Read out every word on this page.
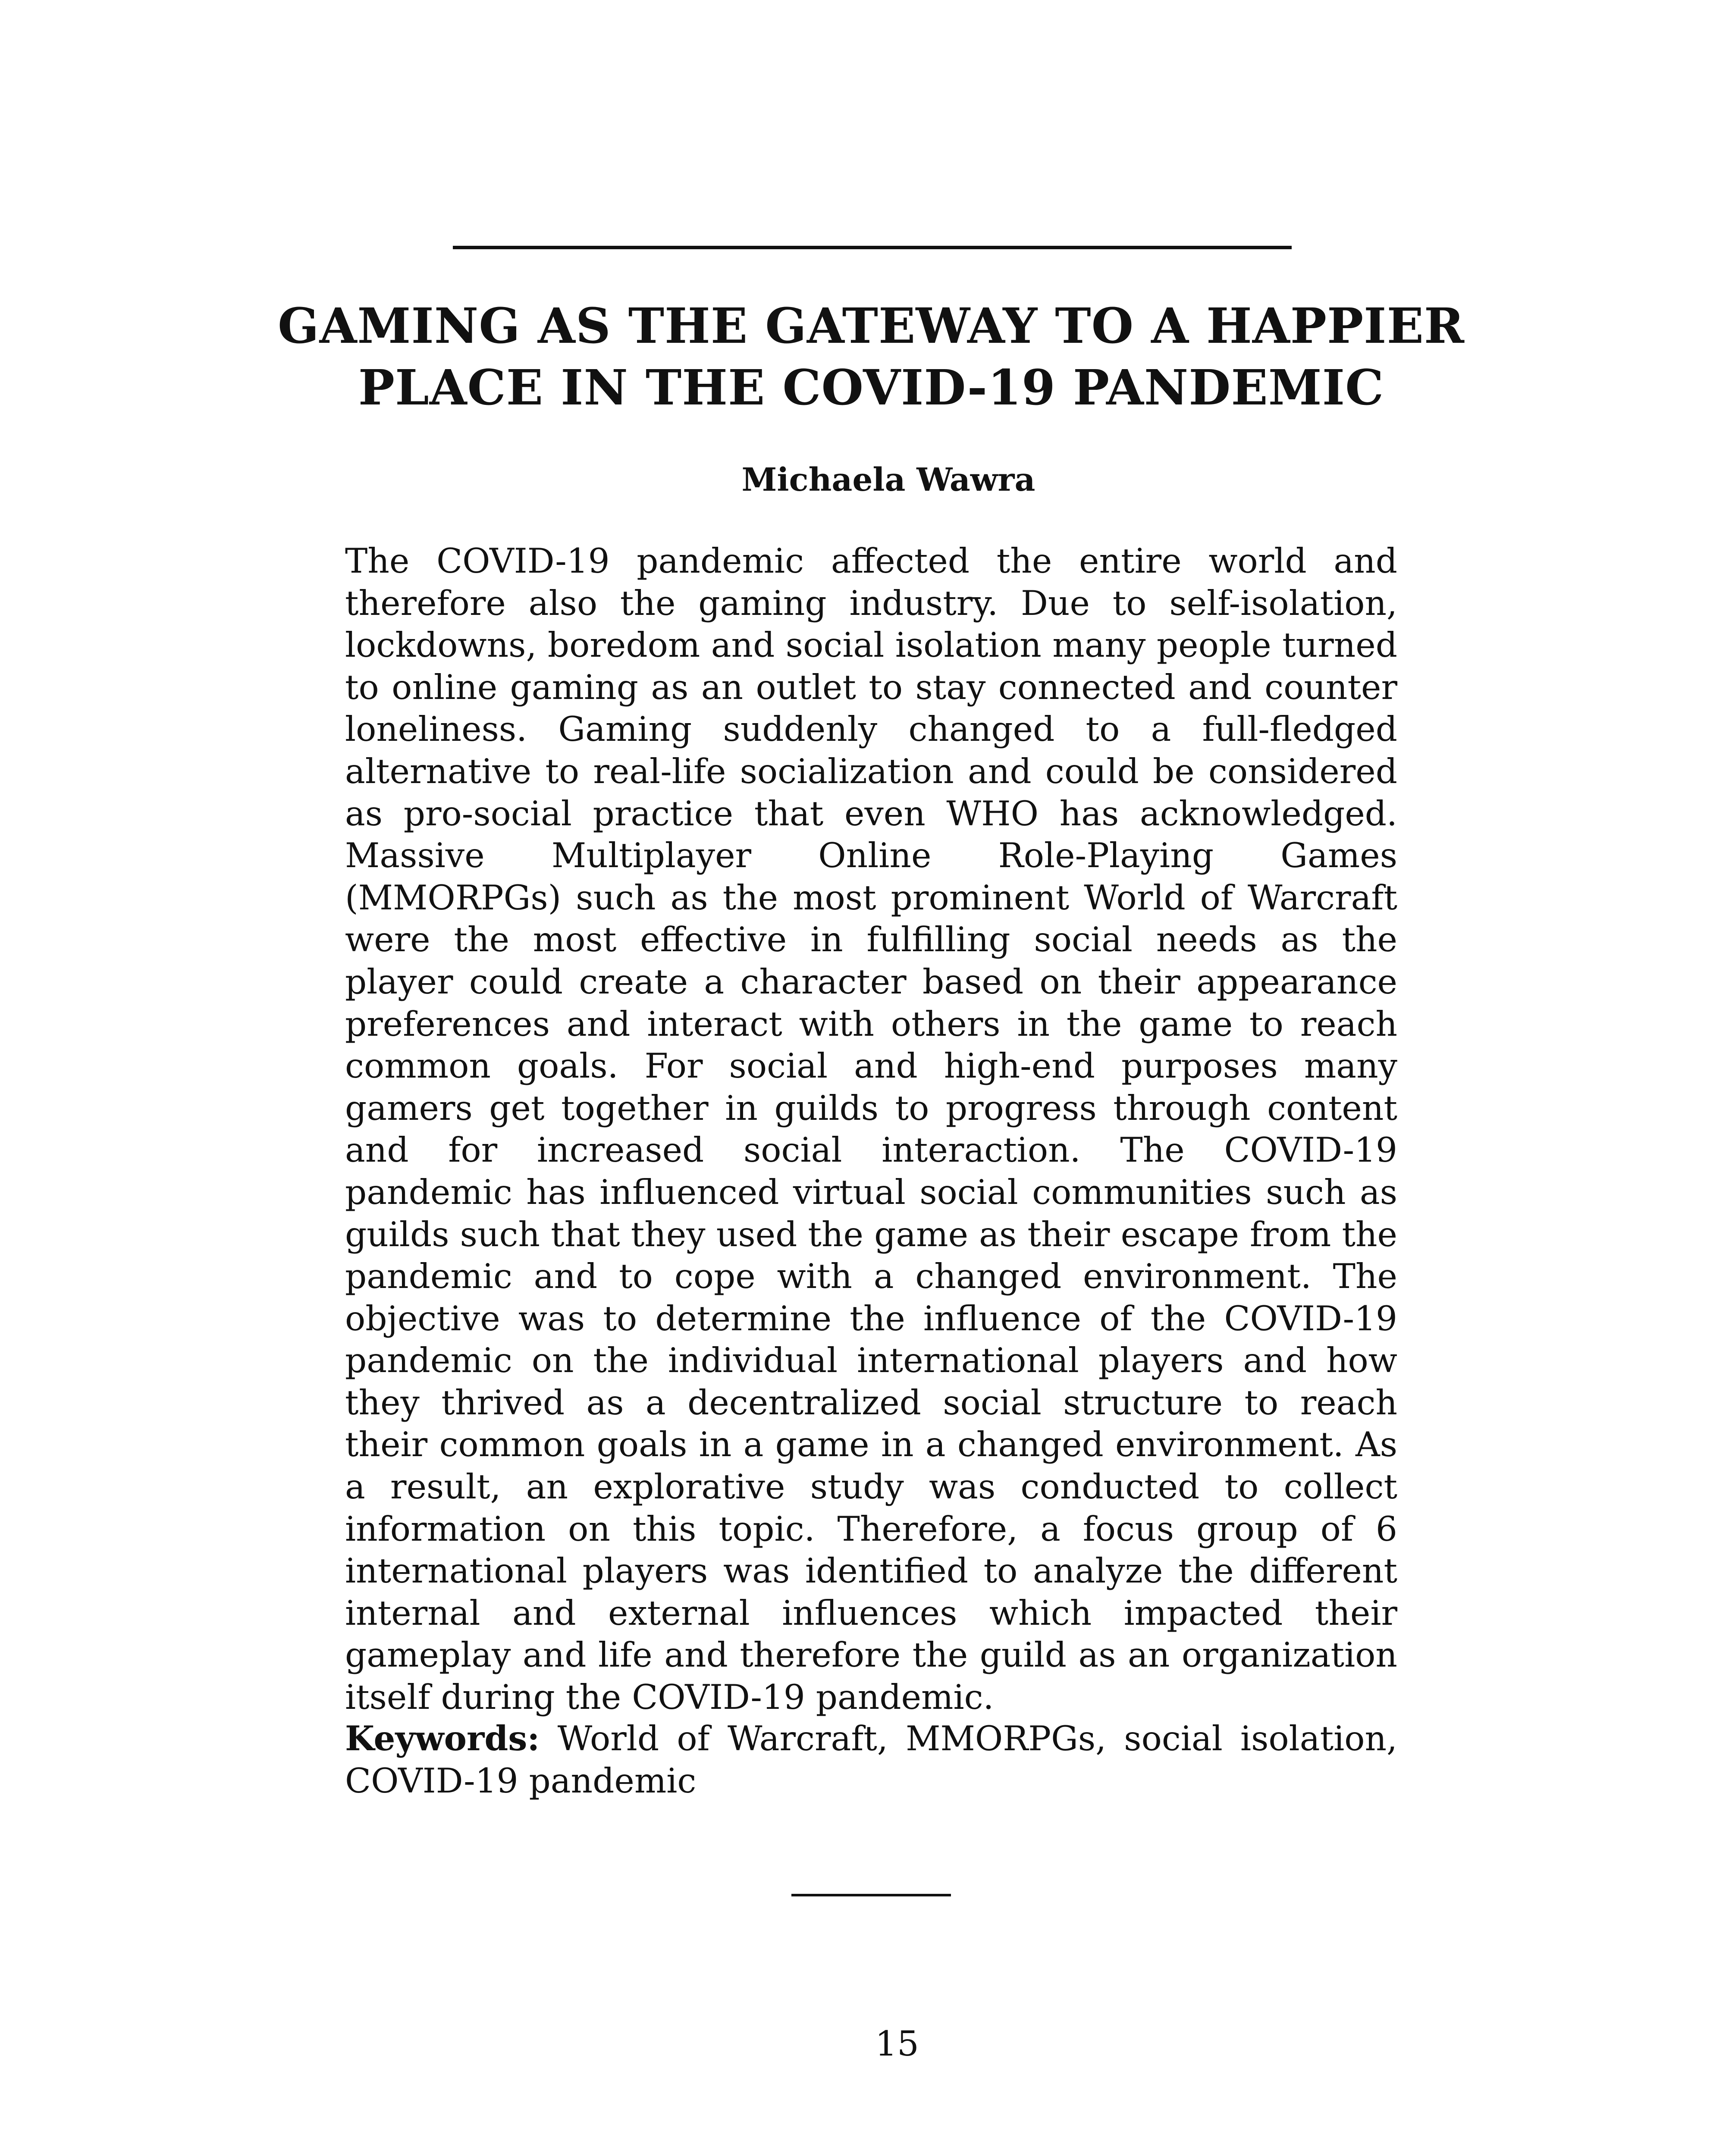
GAMING AS THE GATEWAY TO A HAPPIER
PLACE IN THE COVID-19 PANDEMIC
Michaela Wawra

The COVID-19 pandemic affected the entire world and therefore also the gaming industry. Due to self-isolation, lockdowns, boredom and social isolation many people turned to online gaming as an outlet to stay connected and counter loneliness. Gaming suddenly changed to a full-fledged alternative to real-life socialization and could be considered as pro-social practice that even WHO has acknowledged. Massive Multiplayer Online Role-Playing Games (MMORPGs) such as the most prominent World of Warcraft were the most effective in fulfilling social needs as the player could create a character based on their appearance preferences and interact with others in the game to reach common goals. For social and high-end purposes many gamers get together in guilds to progress through content and for increased social interaction. The COVID-19 pandemic has influenced virtual social communities such as guilds such that they used the game as their escape from the pandemic and to cope with a changed environment. The objective was to determine the influence of the COVID-19 pandemic on the individual international players and how they thrived as a decentralized social structure to reach their common goals in a game in a changed environment. As a result, an explorative study was conducted to collect information on this topic. Therefore, a focus group of 6 international players was identified to analyze the different internal and external influences which impacted their gameplay and life and therefore the guild as an organization itself during the COVID-19 pandemic.

Keywords: World of Warcraft, MMORPGs, social isolation, COVID-19 pandemic

15
